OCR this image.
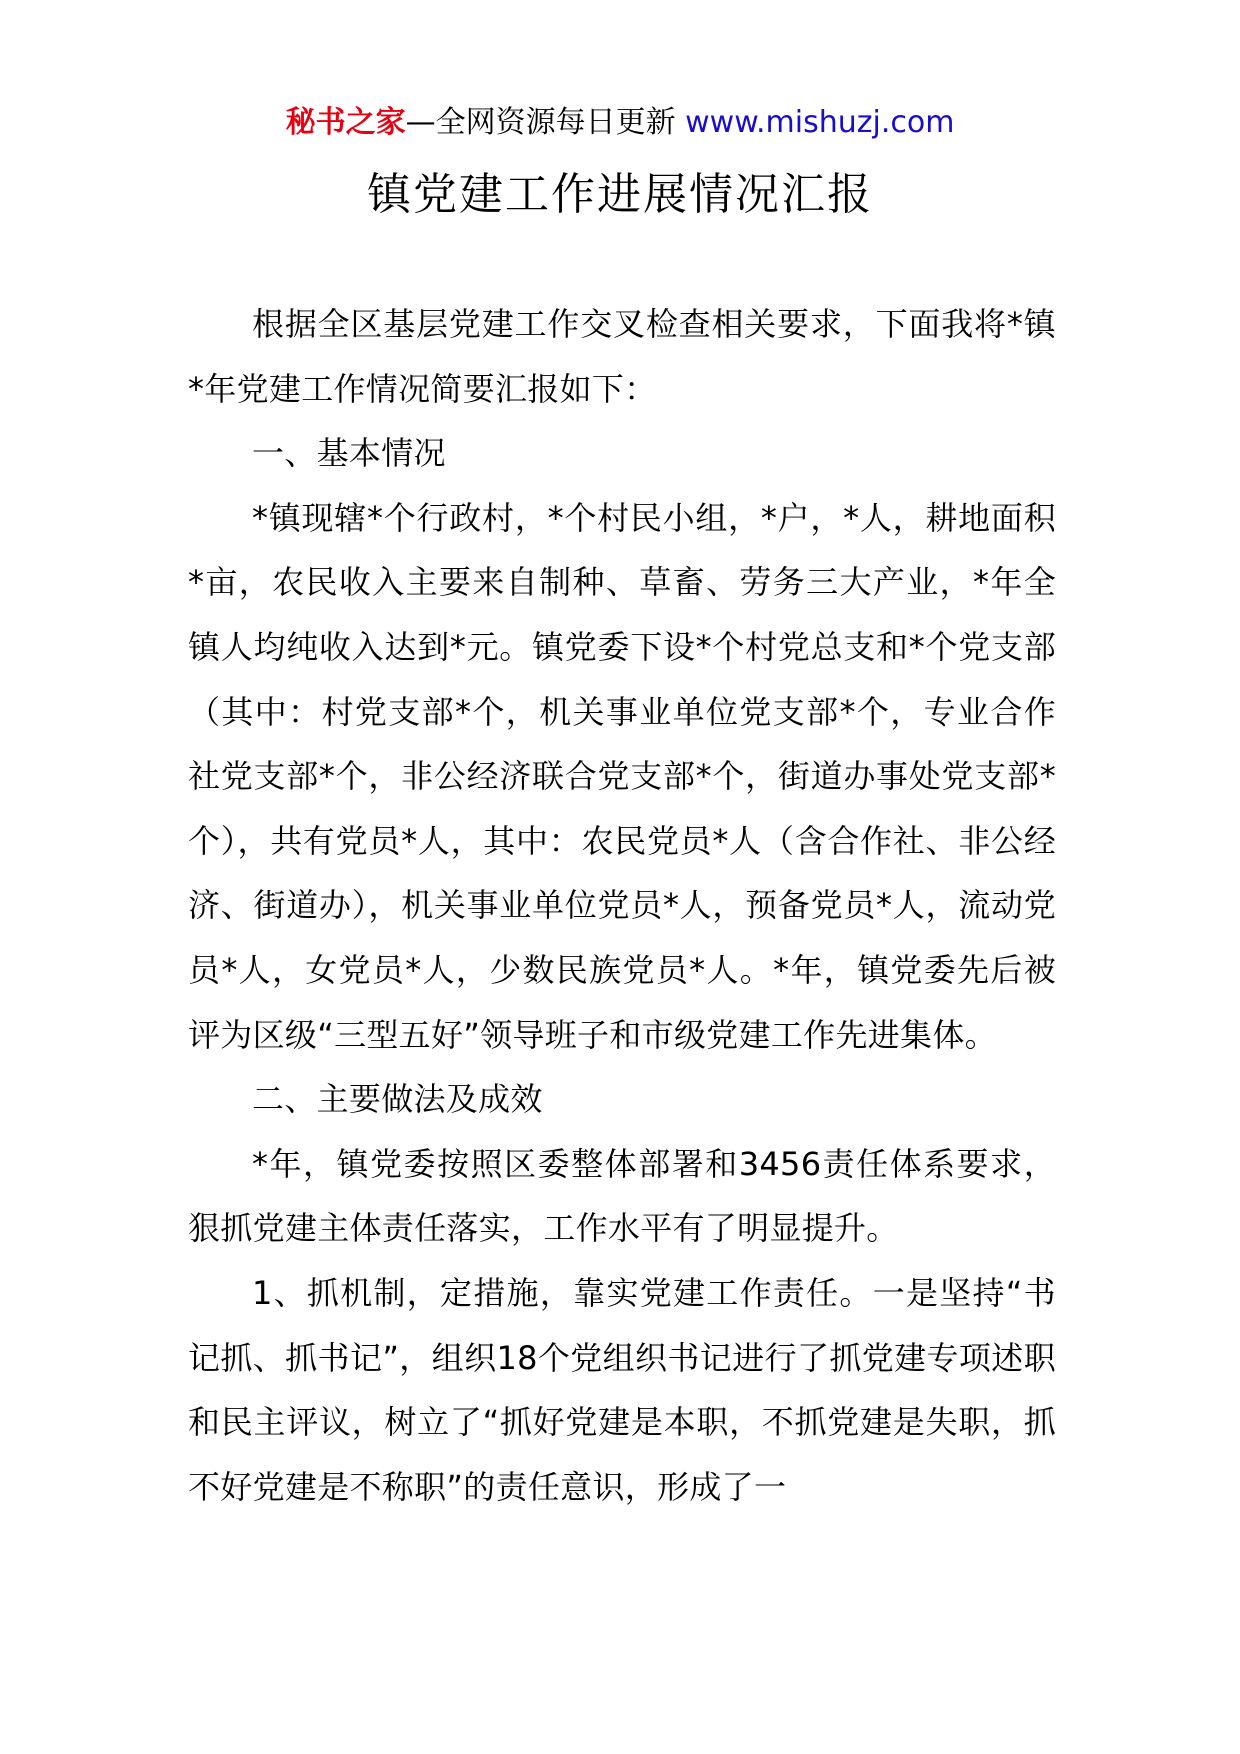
秘书之家—全网资源每日更新 www.mishuzj.com
镇党建工作进展情况汇报

根据全区基层党建工作交叉检查相关要求，下面我将*镇*年党建工作情况简要汇报如下：

一、基本情况

*镇现辖*个行政村，*个村民小组，*户，*人，耕地面积*亩，农民收入主要来自制种、草畜、劳务三大产业，*年全镇人均纯收入达到*元。镇党委下设*个村党总支和*个党支部（其中：村党支部*个，机关事业单位党支部*个，专业合作社党支部*个，非公经济联合党支部*个，街道办事处党支部*个），共有党员*人，其中：农民党员*人（含合作社、非公经济、街道办），机关事业单位党员*人，预备党员*人，流动党员*人，女党员*人，少数民族党员*人。*年，镇党委先后被评为区级“三型五好”领导班子和市级党建工作先进集体。

二、主要做法及成效

*年，镇党委按照区委整体部署和3456责任体系要求，狠抓党建主体责任落实，工作水平有了明显提升。

1、抓机制，定措施，靠实党建工作责任。一是坚持“书记抓、抓书记”，组织18个党组织书记进行了抓党建专项述职和民主评议，树立了“抓好党建是本职，不抓党建是失职，抓不好党建是不称职”的责任意识，形成了一
